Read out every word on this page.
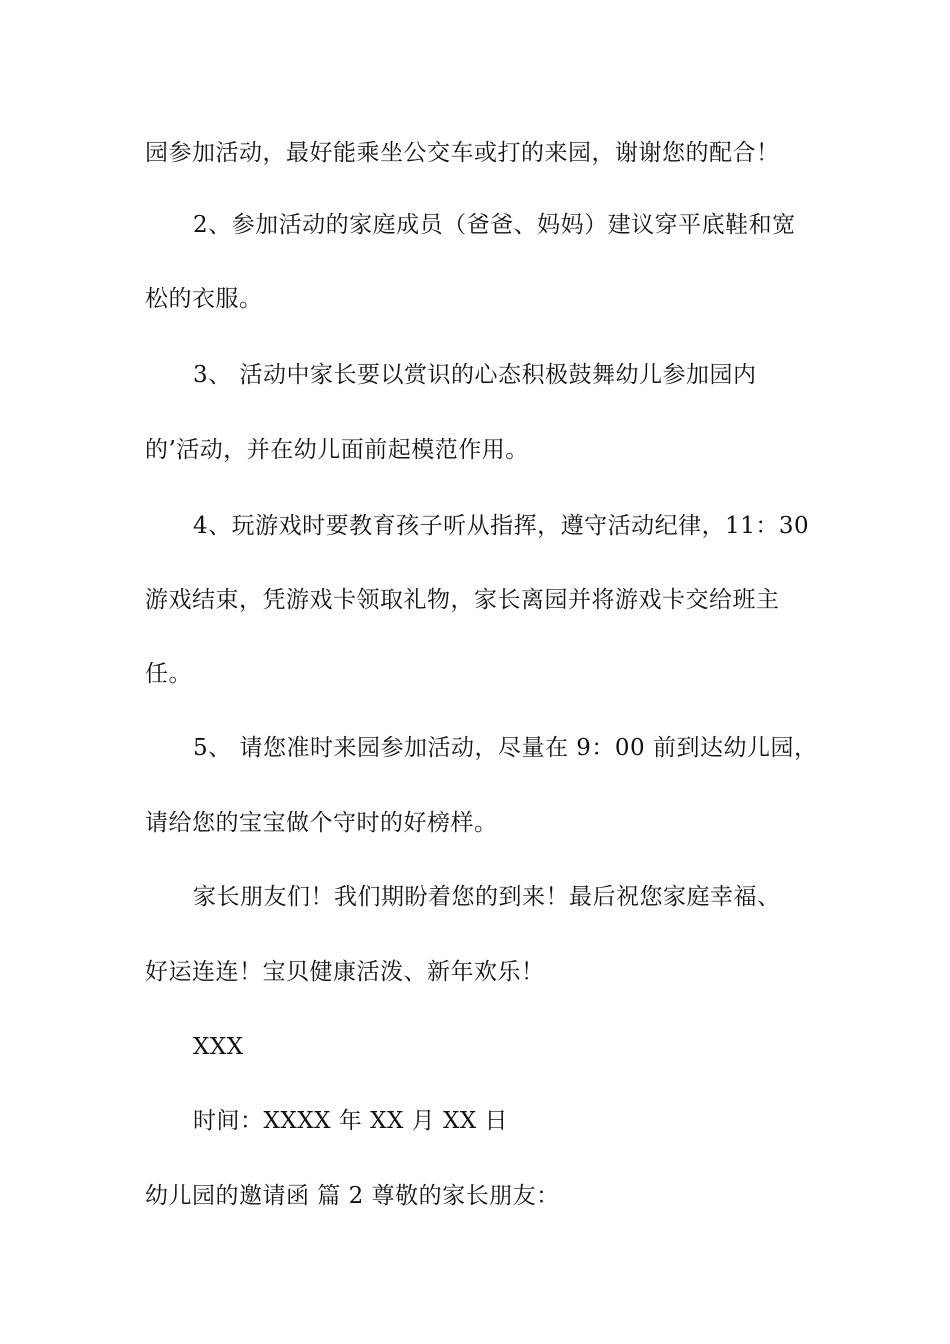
园参加活动，最好能乘坐公交车或打的来园，谢谢您的配合！
2、参加活动的家庭成员（爸爸、妈妈）建议穿平底鞋和宽
松的衣服。
3、 活动中家长要以赏识的心态积极鼓舞幼儿参加园内
的’活动，并在幼儿面前起模范作用。
4、玩游戏时要教育孩子听从指挥，遵守活动纪律，11：30
游戏结束，凭游戏卡领取礼物，家长离园并将游戏卡交给班主
任。
5、 请您准时来园参加活动，尽量在 9：00 前到达幼儿园，
请给您的宝宝做个守时的好榜样。
家长朋友们！我们期盼着您的到来！最后祝您家庭幸福、
好运连连！宝贝健康活泼、新年欢乐！
XXX
时间：XXXX 年 XX 月 XX 日
幼儿园的邀请函 篇 2 尊敬的家长朋友：
